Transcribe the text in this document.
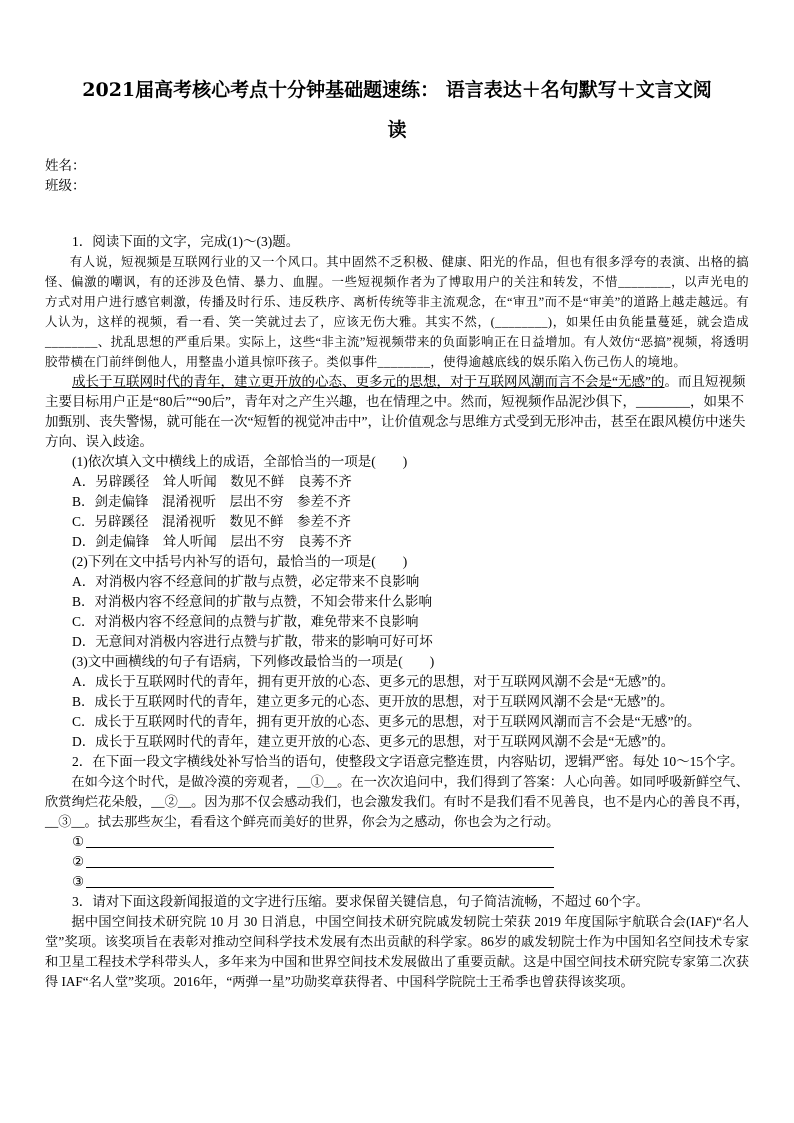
2021届高考核心考点十分钟基础题速练： 语言表达＋名句默写＋文言文阅
读
姓名：
班级：

1．阅读下面的文字，完成(1)～(3)题。

有人说，短视频是互联网行业的又一个风口。其中固然不乏积极、健康、阳光的作品，但也有很多浮夸的表演、出格的搞怪、偏激的嘲讽，有的还涉及色情、暴力、血腥。一些短视频作者为了博取用户的关注和转发，不惜________，以声光电的方式对用户进行感官刺激，传播及时行乐、违反秩序、离析传统等非主流观念，在“审丑”而不是“审美”的道路上越走越远。有人认为，这样的视频，看一看、笑一笑就过去了，应该无伤大雅。其实不然，(________)，如果任由负能量蔓延，就会造成________、扰乱思想的严重后果。实际上，这些“非主流”短视频带来的负面影响正在日益增加。有人效仿“恶搞”视频，将透明胶带横在门前绊倒他人，用整蛊小道具惊吓孩子。类似事件________，使得逾越底线的娱乐陷入伤己伤人的境地。

成长于互联网时代的青年，建立更开放的心态、更多元的思想，对于互联网风潮而言不会是“无感”的。而且短视频主要目标用户正是“80后”“90后”，青年对之产生兴趣，也在情理之中。然而，短视频作品泥沙俱下，________，如果不加甄别、丧失警惕，就可能在一次“短暂的视觉冲击中”，让价值观念与思维方式受到无形冲击，甚至在跟风模仿中迷失方向、误入歧途。

(1)依次填入文中横线上的成语，全部恰当的一项是(　　)

A．另辟蹊径　耸人听闻　数见不鲜　良莠不齐

B．剑走偏锋　混淆视听　层出不穷　参差不齐

C．另辟蹊径　混淆视听　数见不鲜　参差不齐

D．剑走偏锋　耸人听闻　层出不穷　良莠不齐

(2)下列在文中括号内补写的语句，最恰当的一项是(　　)

A．对消极内容不经意间的扩散与点赞，必定带来不良影响

B．对消极内容不经意间的扩散与点赞，不知会带来什么影响

C．对消极内容不经意间的点赞与扩散，难免带来不良影响

D．无意间对消极内容进行点赞与扩散，带来的影响可好可坏

(3)文中画横线的句子有语病，下列修改最恰当的一项是(　　)

A．成长于互联网时代的青年，拥有更开放的心态、更多元的思想，对于互联网风潮不会是“无感”的。

B．成长于互联网时代的青年，建立更多元的心态、更开放的思想，对于互联网风潮不会是“无感”的。

C．成长于互联网时代的青年，拥有更开放的心态、更多元的思想，对于互联网风潮而言不会是“无感”的。

D．成长于互联网时代的青年，建立更开放的心态、更多元的思想，对于互联网风潮不会是“无感”的。

2．在下面一段文字横线处补写恰当的语句，使整段文字语意完整连贯，内容贴切，逻辑严密。每处 10～15个字。

在如今这个时代，是做冷漠的旁观者，__①__。在一次次追问中，我们得到了答案：人心向善。如同呼吸新鲜空气、欣赏绚烂花朵般，__②__。因为那不仅会感动我们，也会激发我们。有时不是我们看不见善良，也不是内心的善良不再，__③__。拭去那些灰尘，看看这个鲜亮而美好的世界，你会为之感动，你也会为之行动。

①
②
③

3．请对下面这段新闻报道的文字进行压缩。要求保留关键信息，句子简洁流畅，不超过 60个字。

据中国空间技术研究院 10 月 30 日消息，中国空间技术研究院戚发轫院士荣获 2019 年度国际宇航联合会(IAF)“名人堂”奖项。该奖项旨在表彰对推动空间科学技术发展有杰出贡献的科学家。86岁的戚发轫院士作为中国知名空间技术专家和卫星工程技术学科带头人，多年来为中国和世界空间技术发展做出了重要贡献。这是中国空间技术研究院专家第二次获得 IAF“名人堂”奖项。2016年，“两弹一星”功勋奖章获得者、中国科学院院士王希季也曾获得该奖项。
